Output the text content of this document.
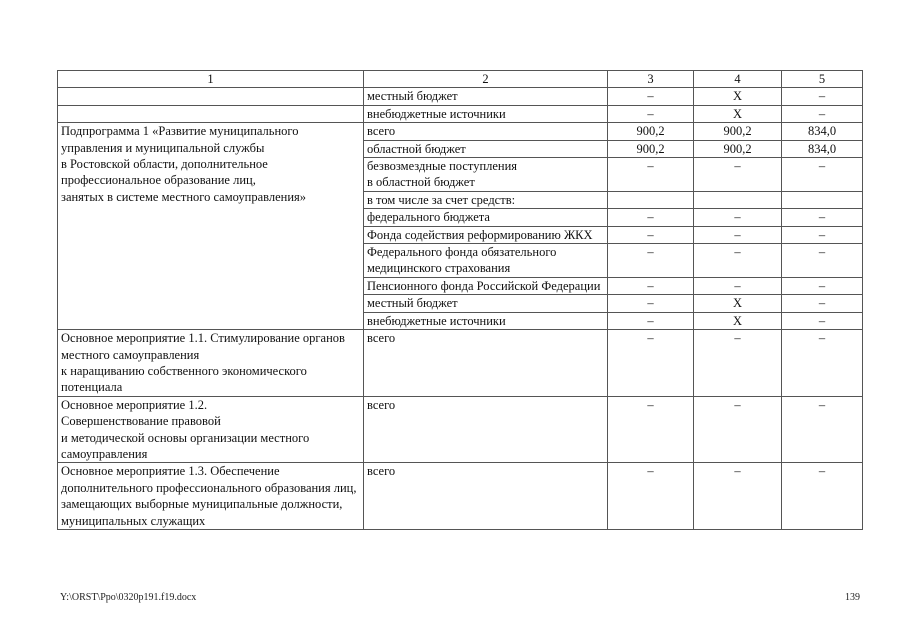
1	2	3	4	5
	местный бюджет	–	X	–
	внебюджетные источники	–	X	–
Подпрограмма 1 «Развитие муниципального управления и муниципальной службы
в Ростовской области, дополнительное профессиональное образование лиц,
занятых в системе местного самоуправления»	всего	900,2	900,2	834,0
	областной бюджет	900,2	900,2	834,0
	безвозмездные поступления
в областной бюджет	–	–	–
	в том числе за счет средств:			
	федерального бюджета	–	–	–
	Фонда содействия реформированию ЖКХ	–	–	–
	Федерального фонда обязательного медицинского страхования	–	–	–
	Пенсионного фонда Российской Федерации	–	–	–
	местный бюджет	–	X	–
	внебюджетные источники	–	X	–
Основное мероприятие 1.1. Стимулирование органов местного самоуправления
к наращиванию собственного экономического потенциала	всего	–	–	–
Основное мероприятие 1.2.
Совершенствование правовой
и методической основы организации местного самоуправления	всего	–	–	–
Основное мероприятие 1.3. Обеспечение дополнительного профессионального образования лиц, замещающих выборные муниципальные должности, муниципальных служащих	всего	–	–	–
Y:\ORST\Ppo\0320p191.f19.docx	139
